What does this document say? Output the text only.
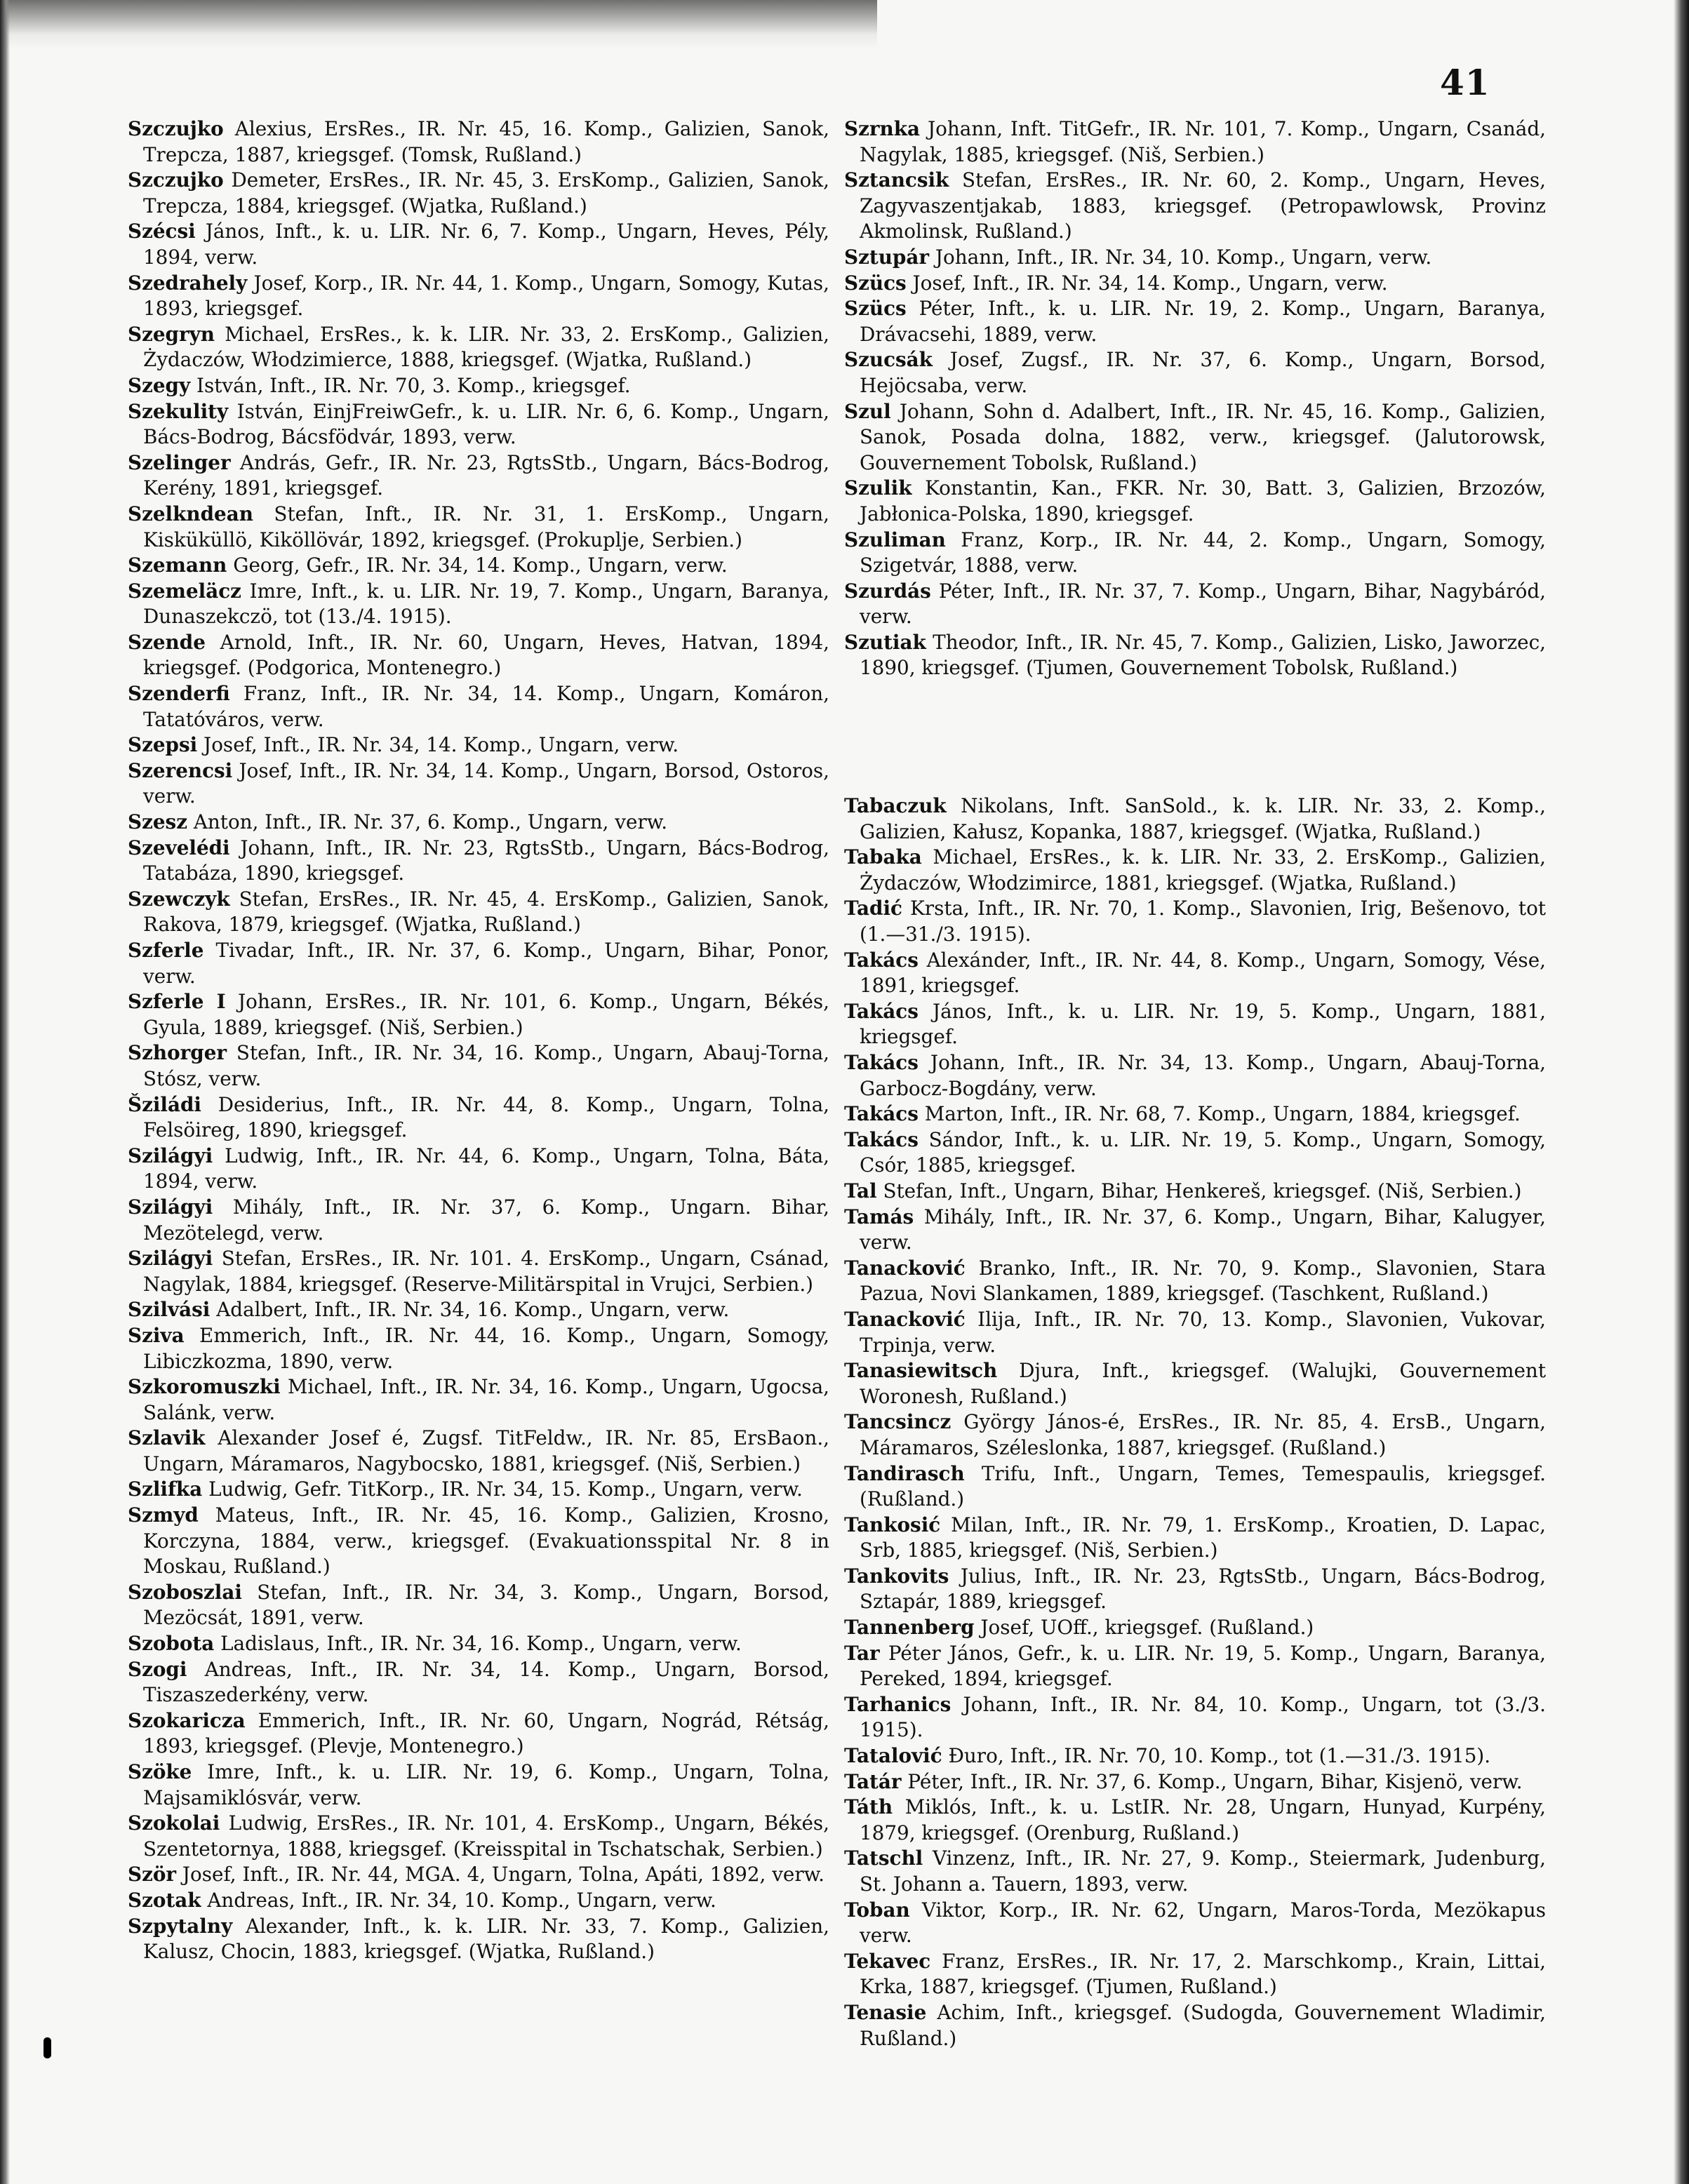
41
Szczujko Alexius, ErsRes., IR. Nr. 45, 16. Komp., Galizien, Sanok, Trepcza, 1887, kriegsgef. (Tomsk, Rußland.)
Szczujko Demeter, ErsRes., IR. Nr. 45, 3. ErsKomp., Galizien, Sanok, Trepcza, 1884, kriegsgef. (Wjatka, Rußland.)
Szécsi János, Inft., k. u. LIR. Nr. 6, 7. Komp., Ungarn, Heves, Pély, 1894, verw.
Szedrahely Josef, Korp., IR. Nr. 44, 1. Komp., Ungarn, Somogy, Kutas, 1893, kriegsgef.
Szegryn Michael, ErsRes., k. k. LIR. Nr. 33, 2. ErsKomp., Galizien, Żydaczów, Włodzimierce, 1888, kriegsgef. (Wjatka, Rußland.)
Szegy István, Inft., IR. Nr. 70, 3. Komp., kriegsgef.
Szekulity István, EinjFreiwGefr., k. u. LIR. Nr. 6, 6. Komp., Ungarn, Bács-Bodrog, Bácsfödvár, 1893, verw.
Szelinger András, Gefr., IR. Nr. 23, RgtsStb., Ungarn, Bács-Bodrog, Kerény, 1891, kriegsgef.
Szelkndean Stefan, Inft., IR. Nr. 31, 1. ErsKomp., Ungarn, Kisküküllö, Kiköllövár, 1892, kriegsgef. (Prokuplje, Serbien.)
Szemann Georg, Gefr., IR. Nr. 34, 14. Komp., Ungarn, verw.
Szemeläcz Imre, Inft., k. u. LIR. Nr. 19, 7. Komp., Ungarn, Baranya, Dunaszekczö, tot (13./4. 1915).
Szende Arnold, Inft., IR. Nr. 60, Ungarn, Heves, Hatvan, 1894, kriegsgef. (Podgorica, Montenegro.)
Szenderfi Franz, Inft., IR. Nr. 34, 14. Komp., Ungarn, Komáron, Tatatóváros, verw.
Szepsi Josef, Inft., IR. Nr. 34, 14. Komp., Ungarn, verw.
Szerencsi Josef, Inft., IR. Nr. 34, 14. Komp., Ungarn, Borsod, Ostoros, verw.
Szesz Anton, Inft., IR. Nr. 37, 6. Komp., Ungarn, verw.
Szevelédi Johann, Inft., IR. Nr. 23, RgtsStb., Ungarn, Bács-Bodrog, Tatabáza, 1890, kriegsgef.
Szewczyk Stefan, ErsRes., IR. Nr. 45, 4. ErsKomp., Galizien, Sanok, Rakova, 1879, kriegsgef. (Wjatka, Rußland.)
Szferle Tivadar, Inft., IR. Nr. 37, 6. Komp., Ungarn, Bihar, Ponor, verw.
Szferle I Johann, ErsRes., IR. Nr. 101, 6. Komp., Ungarn, Békés, Gyula, 1889, kriegsgef. (Niš, Serbien.)
Szhorger Stefan, Inft., IR. Nr. 34, 16. Komp., Ungarn, Abauj-Torna, Stósz, verw.
Šziládi Desiderius, Inft., IR. Nr. 44, 8. Komp., Ungarn, Tolna, Felsöireg, 1890, kriegsgef.
Szilágyi Ludwig, Inft., IR. Nr. 44, 6. Komp., Ungarn, Tolna, Báta, 1894, verw.
Szilágyi Mihály, Inft., IR. Nr. 37, 6. Komp., Ungarn. Bihar, Mezötelegd, verw.
Szilágyi Stefan, ErsRes., IR. Nr. 101. 4. ErsKomp., Ungarn, Csánad, Nagylak, 1884, kriegsgef. (Reserve-Militärspital in Vrujci, Serbien.)
Szilvási Adalbert, Inft., IR. Nr. 34, 16. Komp., Ungarn, verw.
Sziva Emmerich, Inft., IR. Nr. 44, 16. Komp., Ungarn, Somogy, Libiczkozma, 1890, verw.
Szkoromuszki Michael, Inft., IR. Nr. 34, 16. Komp., Ungarn, Ugocsa, Salánk, verw.
Szlavik Alexander Josef é, Zugsf. TitFeldw., IR. Nr. 85, ErsBaon., Ungarn, Máramaros, Nagybocsko, 1881, kriegsgef. (Niš, Serbien.)
Szlifka Ludwig, Gefr. TitKorp., IR. Nr. 34, 15. Komp., Ungarn, verw.
Szmyd Mateus, Inft., IR. Nr. 45, 16. Komp., Galizien, Krosno, Korczyna, 1884, verw., kriegsgef. (Evakuationsspital Nr. 8 in Moskau, Rußland.)
Szoboszlai Stefan, Inft., IR. Nr. 34, 3. Komp., Ungarn, Borsod, Mezöcsát, 1891, verw.
Szobota Ladislaus, Inft., IR. Nr. 34, 16. Komp., Ungarn, verw.
Szogi Andreas, Inft., IR. Nr. 34, 14. Komp., Ungarn, Borsod, Tiszaszederkény, verw.
Szokaricza Emmerich, Inft., IR. Nr. 60, Ungarn, Nográd, Rétság, 1893, kriegsgef. (Plevje, Montenegro.)
Szöke Imre, Inft., k. u. LIR. Nr. 19, 6. Komp., Ungarn, Tolna, Majsamiklósvár, verw.
Szokolai Ludwig, ErsRes., IR. Nr. 101, 4. ErsKomp., Ungarn, Békés, Szentetornya, 1888, kriegsgef. (Kreisspital in Tschatschak, Serbien.)
Ször Josef, Inft., IR. Nr. 44, MGA. 4, Ungarn, Tolna, Apáti, 1892, verw.
Szotak Andreas, Inft., IR. Nr. 34, 10. Komp., Ungarn, verw.
Szpytalny Alexander, Inft., k. k. LIR. Nr. 33, 7. Komp., Galizien, Kalusz, Chocin, 1883, kriegsgef. (Wjatka, Rußland.)
Szrnka Johann, Inft. TitGefr., IR. Nr. 101, 7. Komp., Ungarn, Csanád, Nagylak, 1885, kriegsgef. (Niš, Serbien.)
Sztancsik Stefan, ErsRes., IR. Nr. 60, 2. Komp., Ungarn, Heves, Zagyvaszentjakab, 1883, kriegsgef. (Petropawlowsk, Provinz Akmolinsk, Rußland.)
Sztupár Johann, Inft., IR. Nr. 34, 10. Komp., Ungarn, verw.
Szücs Josef, Inft., IR. Nr. 34, 14. Komp., Ungarn, verw.
Szücs Péter, Inft., k. u. LIR. Nr. 19, 2. Komp., Ungarn, Baranya, Drávacsehi, 1889, verw.
Szucsák Josef, Zugsf., IR. Nr. 37, 6. Komp., Ungarn, Borsod, Hejöcsaba, verw.
Szul Johann, Sohn d. Adalbert, Inft., IR. Nr. 45, 16. Komp., Galizien, Sanok, Posada dolna, 1882, verw., kriegsgef. (Jalutorowsk, Gouvernement Tobolsk, Rußland.)
Szulik Konstantin, Kan., FKR. Nr. 30, Batt. 3, Galizien, Brzozów, Jabłonica-Polska, 1890, kriegsgef.
Szuliman Franz, Korp., IR. Nr. 44, 2. Komp., Ungarn, Somogy, Szigetvár, 1888, verw.
Szurdás Péter, Inft., IR. Nr. 37, 7. Komp., Ungarn, Bihar, Nagybáród, verw.
Szutiak Theodor, Inft., IR. Nr. 45, 7. Komp., Galizien, Lisko, Jaworzec, 1890, kriegsgef. (Tjumen, Gouvernement Tobolsk, Rußland.)
Tabaczuk Nikolans, Inft. SanSold., k. k. LIR. Nr. 33, 2. Komp., Galizien, Kałusz, Kopanka, 1887, kriegsgef. (Wjatka, Rußland.)
Tabaka Michael, ErsRes., k. k. LIR. Nr. 33, 2. ErsKomp., Galizien, Żydaczów, Włodzimirce, 1881, kriegsgef. (Wjatka, Rußland.)
Tadić Krsta, Inft., IR. Nr. 70, 1. Komp., Slavonien, Irig, Bešenovo, tot (1.—31./3. 1915).
Takács Alexánder, Inft., IR. Nr. 44, 8. Komp., Ungarn, Somogy, Vése, 1891, kriegsgef.
Takács János, Inft., k. u. LIR. Nr. 19, 5. Komp., Ungarn, 1881, kriegsgef.
Takács Johann, Inft., IR. Nr. 34, 13. Komp., Ungarn, Abauj-Torna, Garbocz-Bogdány, verw.
Takács Marton, Inft., IR. Nr. 68, 7. Komp., Ungarn, 1884, kriegsgef.
Takács Sándor, Inft., k. u. LIR. Nr. 19, 5. Komp., Ungarn, Somogy, Csór, 1885, kriegsgef.
Tal Stefan, Inft., Ungarn, Bihar, Henkereš, kriegsgef. (Niš, Serbien.)
Tamás Mihály, Inft., IR. Nr. 37, 6. Komp., Ungarn, Bihar, Kalugyer, verw.
Tanacković Branko, Inft., IR. Nr. 70, 9. Komp., Slavonien, Stara Pazua, Novi Slankamen, 1889, kriegsgef. (Taschkent, Rußland.)
Tanacković Ilija, Inft., IR. Nr. 70, 13. Komp., Slavonien, Vukovar, Trpinja, verw.
Tanasiewitsch Djura, Inft., kriegsgef. (Walujki, Gouvernement Woronesh, Rußland.)
Tancsincz György János-é, ErsRes., IR. Nr. 85, 4. ErsB., Ungarn, Máramaros, Széleslonka, 1887, kriegsgef. (Rußland.)
Tandirasch Trifu, Inft., Ungarn, Temes, Temespaulis, kriegsgef. (Rußland.)
Tankosić Milan, Inft., IR. Nr. 79, 1. ErsKomp., Kroatien, D. Lapac, Srb, 1885, kriegsgef. (Niš, Serbien.)
Tankovits Julius, Inft., IR. Nr. 23, RgtsStb., Ungarn, Bács-Bodrog, Sztapár, 1889, kriegsgef.
Tannenberg Josef, UOff., kriegsgef. (Rußland.)
Tar Péter János, Gefr., k. u. LIR. Nr. 19, 5. Komp., Ungarn, Baranya, Pereked, 1894, kriegsgef.
Tarhanics Johann, Inft., IR. Nr. 84, 10. Komp., Ungarn, tot (3./3. 1915).
Tatalović Đuro, Inft., IR. Nr. 70, 10. Komp., tot (1.—31./3. 1915).
Tatár Péter, Inft., IR. Nr. 37, 6. Komp., Ungarn, Bihar, Kisjenö, verw.
Táth Miklós, Inft., k. u. LstIR. Nr. 28, Ungarn, Hunyad, Kurpény, 1879, kriegsgef. (Orenburg, Rußland.)
Tatschl Vinzenz, Inft., IR. Nr. 27, 9. Komp., Steiermark, Judenburg, St. Johann a. Tauern, 1893, verw.
Toban Viktor, Korp., IR. Nr. 62, Ungarn, Maros-Torda, Mezökapus verw.
Tekavec Franz, ErsRes., IR. Nr. 17, 2. Marschkomp., Krain, Littai, Krka, 1887, kriegsgef. (Tjumen, Rußland.)
Tenasie Achim, Inft., kriegsgef. (Sudogda, Gouvernement Wladimir, Rußland.)
